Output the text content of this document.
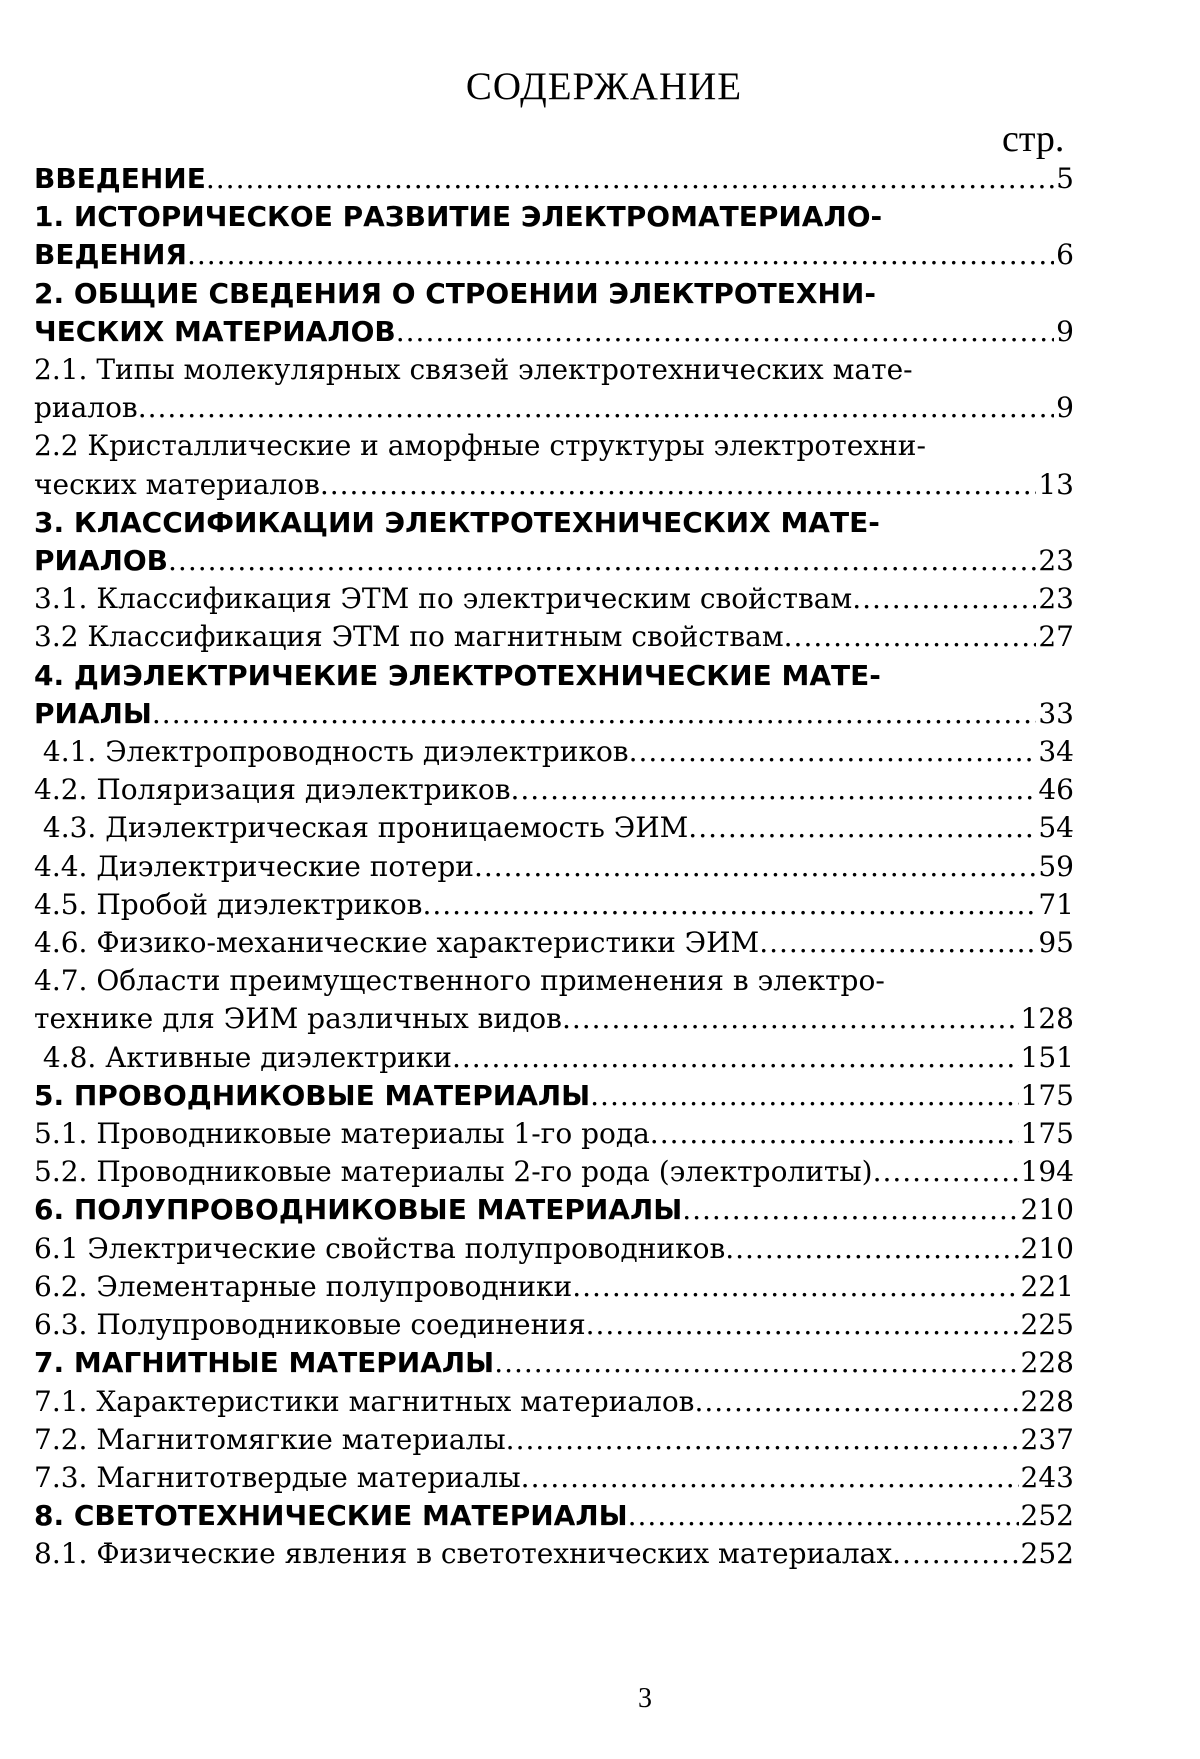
СОДЕРЖАНИЕ
стр.
ВВЕДЕНИЕ .....	5
1. ИСТОРИЧЕСКОЕ РАЗВИТИЕ ЭЛЕКТРОМАТЕРИАЛО-
ВЕДЕНИЯ .....	6
2. ОБЩИЕ СВЕДЕНИЯ О СТРОЕНИИ ЭЛЕКТРОТЕХНИ-
ЧЕСКИХ МАТЕРИАЛОВ .....	9
2.1. Типы молекулярных связей электротехнических мате-
риалов .....	9
2.2 Кристаллические и аморфные структуры электротехни-
ческих материалов .....	13
3. КЛАССИФИКАЦИИ ЭЛЕКТРОТЕХНИЧЕСКИХ МАТЕ-
РИАЛОВ .....	23
3.1. Классификация ЭТМ по электрическим свойствам .....	23
3.2 Классификация ЭТМ по магнитным свойствам .....	27
4. ДИЭЛЕКТРИЧЕКИЕ ЭЛЕКТРОТЕХНИЧЕСКИЕ МАТЕ-
РИАЛЫ .....	33
4.1. Электропроводность диэлектриков .....	34
4.2. Поляризация диэлектриков .....	46
4.3. Диэлектрическая проницаемость ЭИМ .....	54
4.4. Диэлектрические потери .....	59
4.5. Пробой диэлектриков .....	71
4.6. Физико-механические характеристики ЭИМ .....	95
4.7. Области преимущественного применения в электро-
технике для ЭИМ различных видов .....	128
4.8. Активные диэлектрики .....	151
5. ПРОВОДНИКОВЫЕ МАТЕРИАЛЫ .....	175
5.1. Проводниковые материалы 1-го рода .....	175
5.2. Проводниковые материалы 2-го рода (электролиты) .....	194
6. ПОЛУПРОВОДНИКОВЫЕ МАТЕРИАЛЫ .....	210
6.1 Электрические свойства полупроводников .....	210
6.2. Элементарные полупроводники .....	221
6.3. Полупроводниковые соединения .....	225
7. МАГНИТНЫЕ МАТЕРИАЛЫ .....	228
7.1. Характеристики магнитных материалов .....	228
7.2. Магнитомягкие материалы .....	237
7.3. Магнитотвердые материалы .....	243
8. СВЕТОТЕХНИЧЕСКИЕ МАТЕРИАЛЫ .....	252
8.1. Физические явления в светотехнических материалах .....	252
3
